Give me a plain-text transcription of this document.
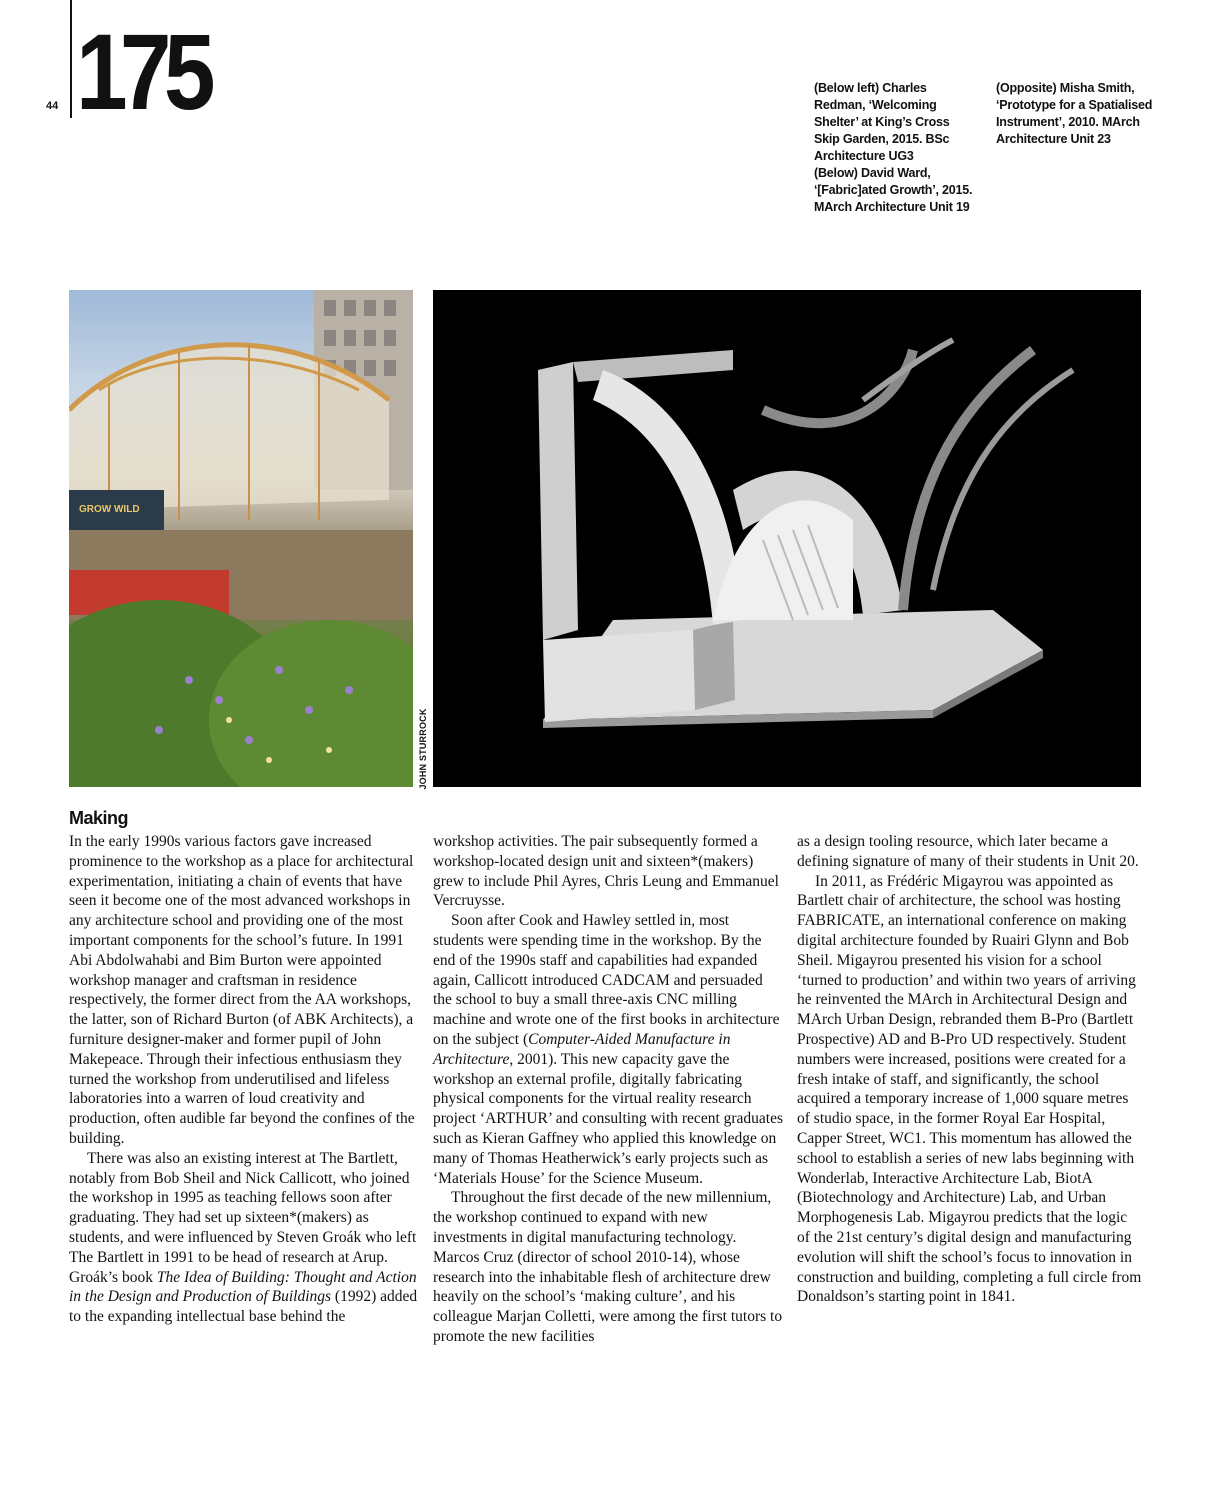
44 175	(Below left) Charles Redman, ‘Welcoming Shelter’ at King’s Cross Skip Garden, 2015. BSc Architecture UG3
(Below) David Ward, ‘[Fabric]ated Growth’, 2015. MArch Architecture Unit 19
(Opposite) Misha Smith, ‘Prototype for a Spatialised Instrument’, 2010. MArch Architecture Unit 23
GROW WILD
JOHN STURROCK
Making

In the early 1990s various factors gave increased prominence to the workshop as a place for architectural experimentation, initiating a chain of events that have seen it become one of the most advanced workshops in any architecture school and providing one of the most important components for the school’s future. In 1991 Abi Abdolwahabi and Bim Burton were appointed workshop manager and craftsman in residence respectively, the former direct from the AA workshops, the latter, son of Richard Burton (of ABK Architects), a furniture designer-maker and former pupil of John Makepeace. Through their infectious enthusiasm they turned the workshop from underutilised and lifeless laboratories into a warren of loud creativity and production, often audible far beyond the confines of the building.

There was also an existing interest at The Bartlett, notably from Bob Sheil and Nick Callicott, who joined the workshop in 1995 as teaching fellows soon after graduating. They had set up sixteen*(makers) as students, and were influenced by Steven Groák who left The Bartlett in 1991 to be head of research at Arup. Groák’s book The Idea of Building: Thought and Action in the Design and Production of Buildings (1992) added to the expanding intellectual base behind the

workshop activities. The pair subsequently formed a workshop-located design unit and sixteen*(makers) grew to include Phil Ayres, Chris Leung and Emmanuel Vercruysse.

Soon after Cook and Hawley settled in, most students were spending time in the workshop. By the end of the 1990s staff and capabilities had expanded again, Callicott introduced CADCAM and persuaded the school to buy a small three-axis CNC milling machine and wrote one of the first books in architecture on the subject (Computer-Aided Manufacture in Architecture, 2001). This new capacity gave the workshop an external profile, digitally fabricating physical components for the virtual reality research project ‘ARTHUR’ and consulting with recent graduates such as Kieran Gaffney who applied this knowledge on many of Thomas Heatherwick’s early projects such as ‘Materials House’ for the Science Museum.

Throughout the first decade of the new millennium, the workshop continued to expand with new investments in digital manufacturing technology. Marcos Cruz (director of school 2010-14), whose research into the inhabitable flesh of architecture drew heavily on the school’s ‘making culture’, and his colleague Marjan Colletti, were among the first tutors to promote the new facilities

as a design tooling resource, which later became a defining signature of many of their students in Unit 20.

In 2011, as Frédéric Migayrou was appointed as Bartlett chair of architecture, the school was hosting FABRICATE, an international conference on making digital architecture founded by Ruairi Glynn and Bob Sheil. Migayrou presented his vision for a school ‘turned to production’ and within two years of arriving he reinvented the MArch in Architectural Design and MArch Urban Design, rebranded them B-Pro (Bartlett Prospective) AD and B-Pro UD respectively. Student numbers were increased, positions were created for a fresh intake of staff, and significantly, the school acquired a temporary increase of 1,000 square metres of studio space, in the former Royal Ear Hospital, Capper Street, WC1. This momentum has allowed the school to establish a series of new labs beginning with Wonderlab, Interactive Architecture Lab, BiotA (Biotechnology and Architecture) Lab, and Urban Morphogenesis Lab. Migayrou predicts that the logic of the 21st century’s digital design and manufacturing evolution will shift the school’s focus to innovation in construction and building, completing a full circle from Donaldson’s starting point in 1841.
